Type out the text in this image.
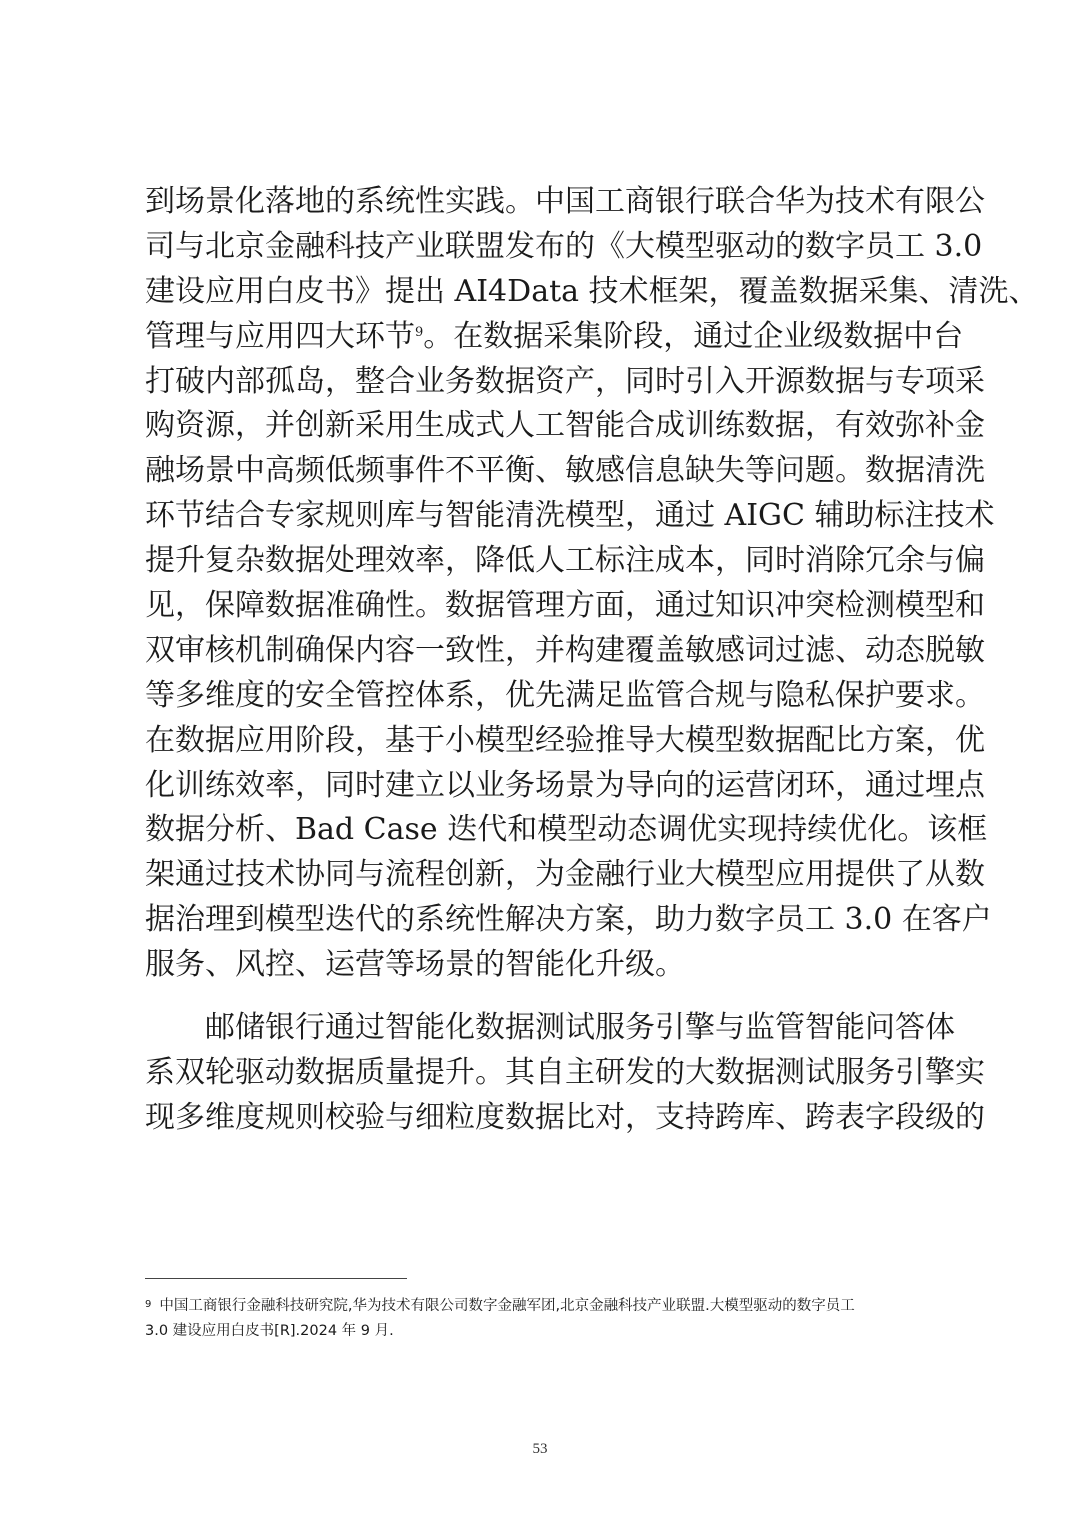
到场景化落地的系统性实践。中国工商银行联合华为技术有限公
司与北京金融科技产业联盟发布的《大模型驱动的数字员工 3.0
建设应用白皮书》提出 AI4Data 技术框架，覆盖数据采集、清洗、
管理与应用四大环节$^9$。在数据采集阶段，通过企业级数据中台
打破内部孤岛，整合业务数据资产，同时引入开源数据与专项采
购资源，并创新采用生成式人工智能合成训练数据，有效弥补金
融场景中高频低频事件不平衡、敏感信息缺失等问题。数据清洗
环节结合专家规则库与智能清洗模型，通过 AIGC 辅助标注技术
提升复杂数据处理效率，降低人工标注成本，同时消除冗余与偏
见，保障数据准确性。数据管理方面，通过知识冲突检测模型和
双审核机制确保内容一致性，并构建覆盖敏感词过滤、动态脱敏
等多维度的安全管控体系，优先满足监管合规与隐私保护要求。
在数据应用阶段，基于小模型经验推导大模型数据配比方案，优
化训练效率，同时建立以业务场景为导向的运营闭环，通过埋点
数据分析、Bad Case 迭代和模型动态调优实现持续优化。该框
架通过技术协同与流程创新，为金融行业大模型应用提供了从数
据治理到模型迭代的系统性解决方案，助力数字员工 3.0 在客户
服务、风控、运营等场景的智能化升级。
邮储银行通过智能化数据测试服务引擎与监管智能问答体
系双轮驱动数据质量提升。其自主研发的大数据测试服务引擎实
现多维度规则校验与细粒度数据比对，支持跨库、跨表字段级的
$^9$ 中国工商银行金融科技研究院,华为技术有限公司数字金融军团,北京金融科技产业联盟.大模型驱动的数字员工
3.0 建设应用白皮书[R].2024 年 9 月.
53
